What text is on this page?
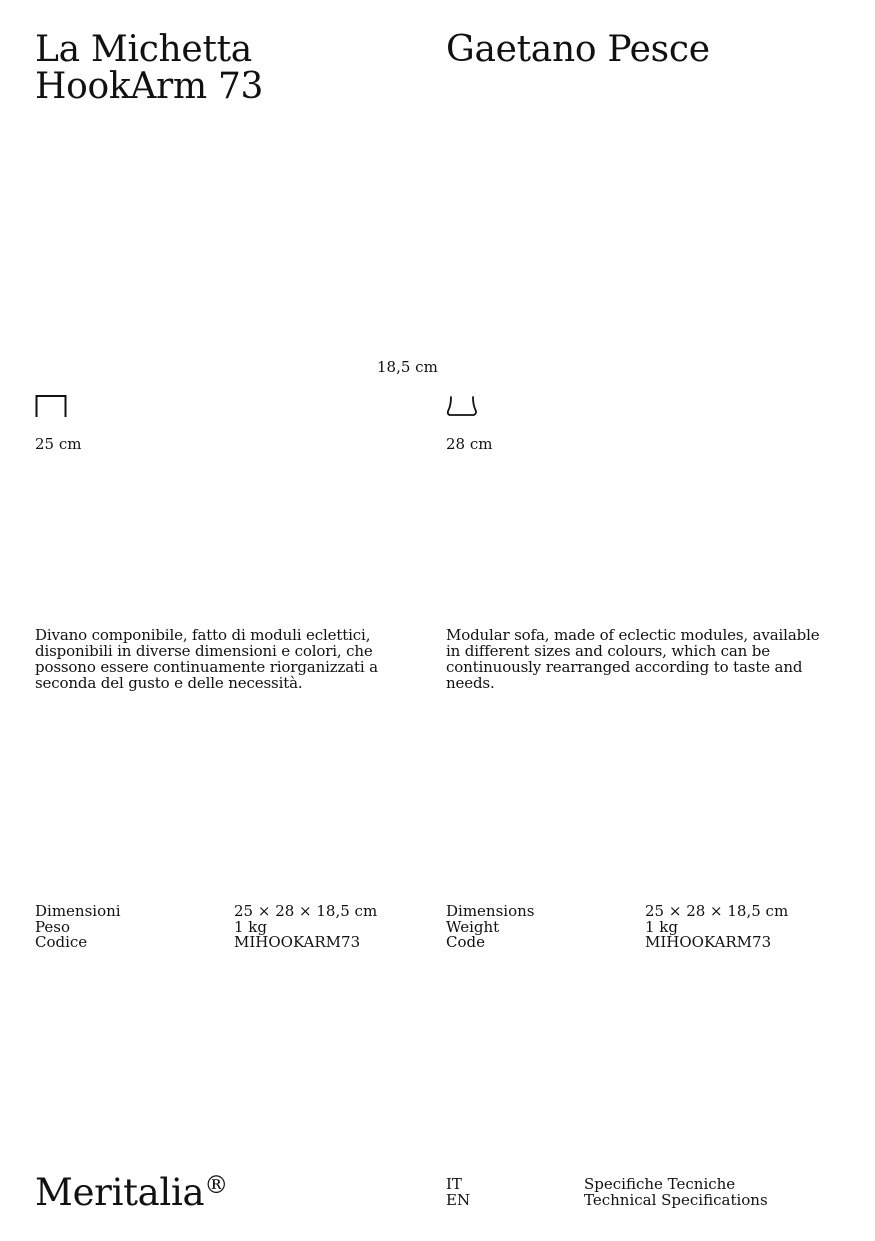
La Michetta
HookArm 73
Gaetano Pesce
18,5 cm
25 cm	28 cm
Divano componibile, fatto di moduli eclettici, disponibili in diverse dimensioni e colori, che possono essere continuamente riorganizzati a seconda del gusto e delle necessità.
Modular sofa, made of eclectic modules, available in different sizes and colours, which can be continuously rearranged according to taste and needs.
Dimensioni
Peso
Codice
25 × 28 × 18,5 cm
1 kg
MIHOOKARM73
Dimensions
Weight
Code
25 × 28 × 18,5 cm
1 kg
MIHOOKARM73
Meritalia®	IT
EN
Specifiche Tecniche
Technical Specifications
